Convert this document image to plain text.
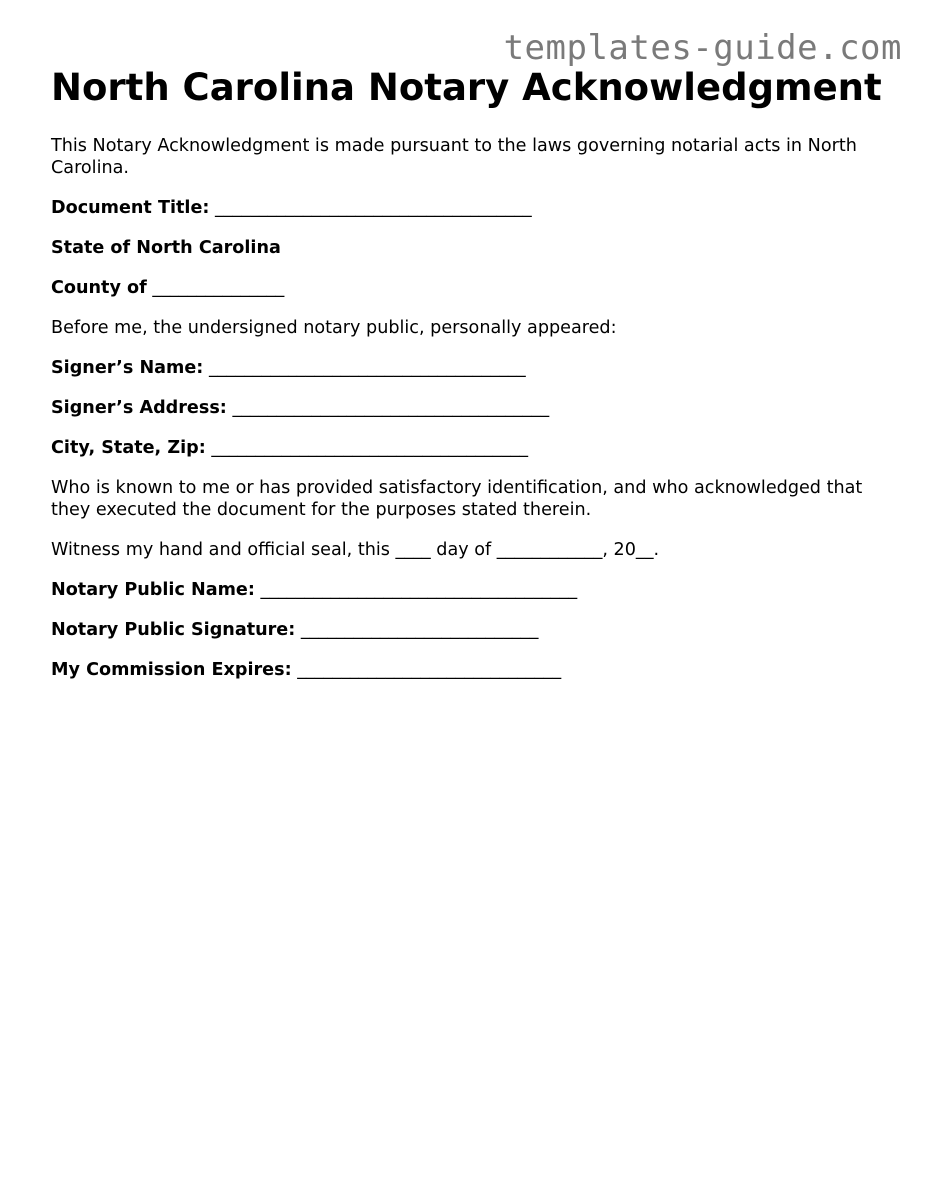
templates-guide.com
North Carolina Notary Acknowledgment

This Notary Acknowledgment is made pursuant to the laws governing notarial acts in North Carolina.

Document Title: ____________________________________

State of North Carolina

County of _______________

Before me, the undersigned notary public, personally appeared:

Signer’s Name: ____________________________________

Signer’s Address: ____________________________________

City, State, Zip: ____________________________________

Who is known to me or has provided satisfactory identification, and who acknowledged that they executed the document for the purposes stated therein.

Witness my hand and official seal, this ____ day of ____________, 20__.

Notary Public Name: ____________________________________

Notary Public Signature: ___________________________

My Commission Expires: ______________________________
